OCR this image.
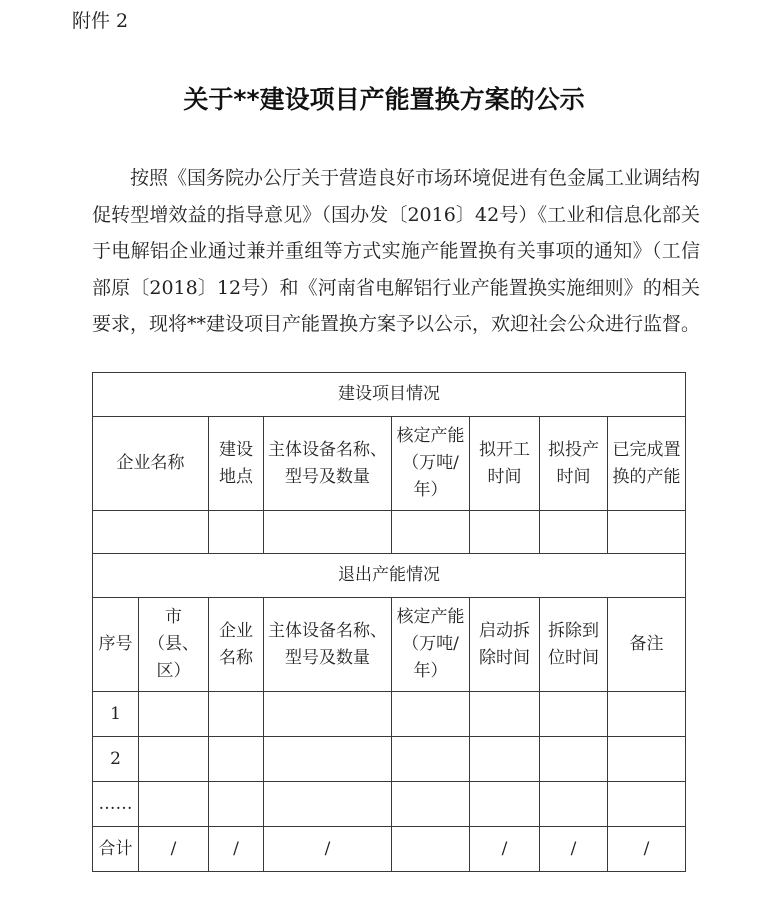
附件 2
关于**建设项目产能置换方案的公示
按照《国务院办公厅关于营造良好市场环境促进有色金属工业调结构促转型增效益的指导意见》（国办发〔2016〕42号）《工业和信息化部关于电解铝企业通过兼并重组等方式实施产能置换有关事项的通知》（工信部原〔2018〕12号）和《河南省电解铝行业产能置换实施细则》的相关要求，现将**建设项目产能置换方案予以公示，欢迎社会公众进行监督。
建设项目情况							
企业名称		建设地点	主体设备名称、型号及数量	核定产能（万吨/年）	拟开工时间	拟投产时间	已完成置换的产能

退出产能情况							
序号	市（县、区）	企业名称	主体设备名称、型号及数量	核定产能（万吨/年）	启动拆除时间	拆除到位时间	备注
1							
2							
……							
合计	/	/	/		/	/	/
